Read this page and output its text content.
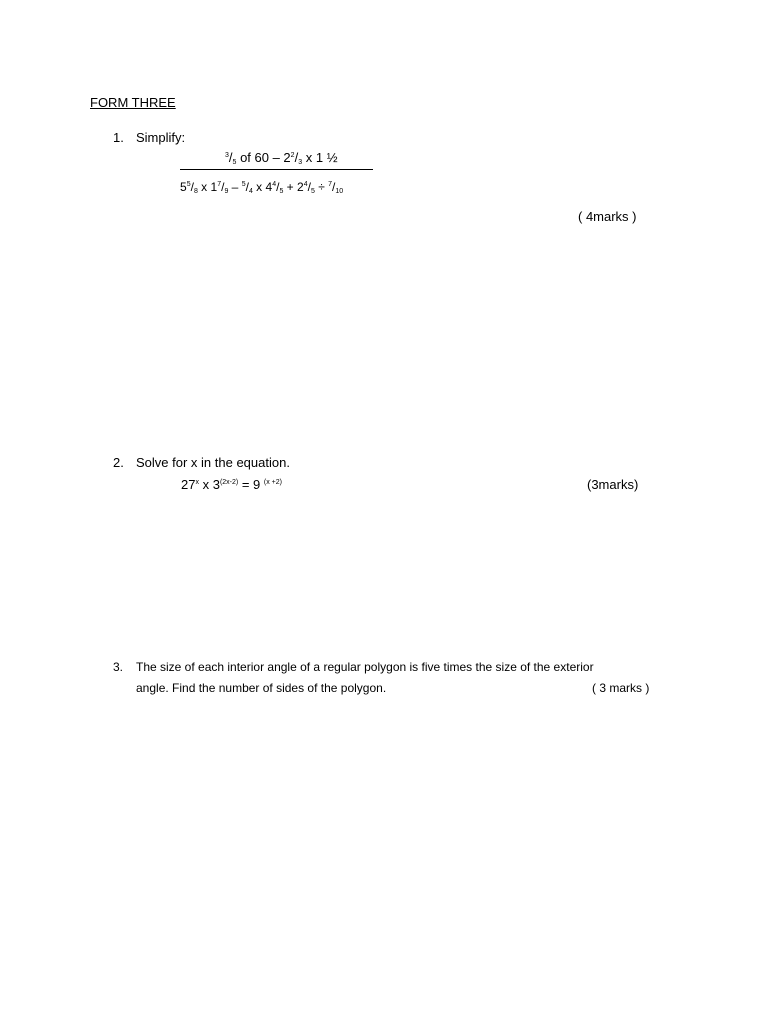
FORM THREE
1. Simplify:
$^3/_5$ of $60 - 2^2/_3$ x 1 ½
$5^5/_8$ x $1^7/_9 - ^5/_4$ x $4^4/_5 + 2^4/_5 \div ^7/_{10}$
( 4marks )
2. Solve for x in the equation.
27$^x$ x $3^{(2x-2)} = 9$ $^{(x +2)}$	(3marks)
3. The size of each interior angle of a regular polygon is five times the size of the exterior
angle. Find the number of sides of the polygon.	( 3 marks )
